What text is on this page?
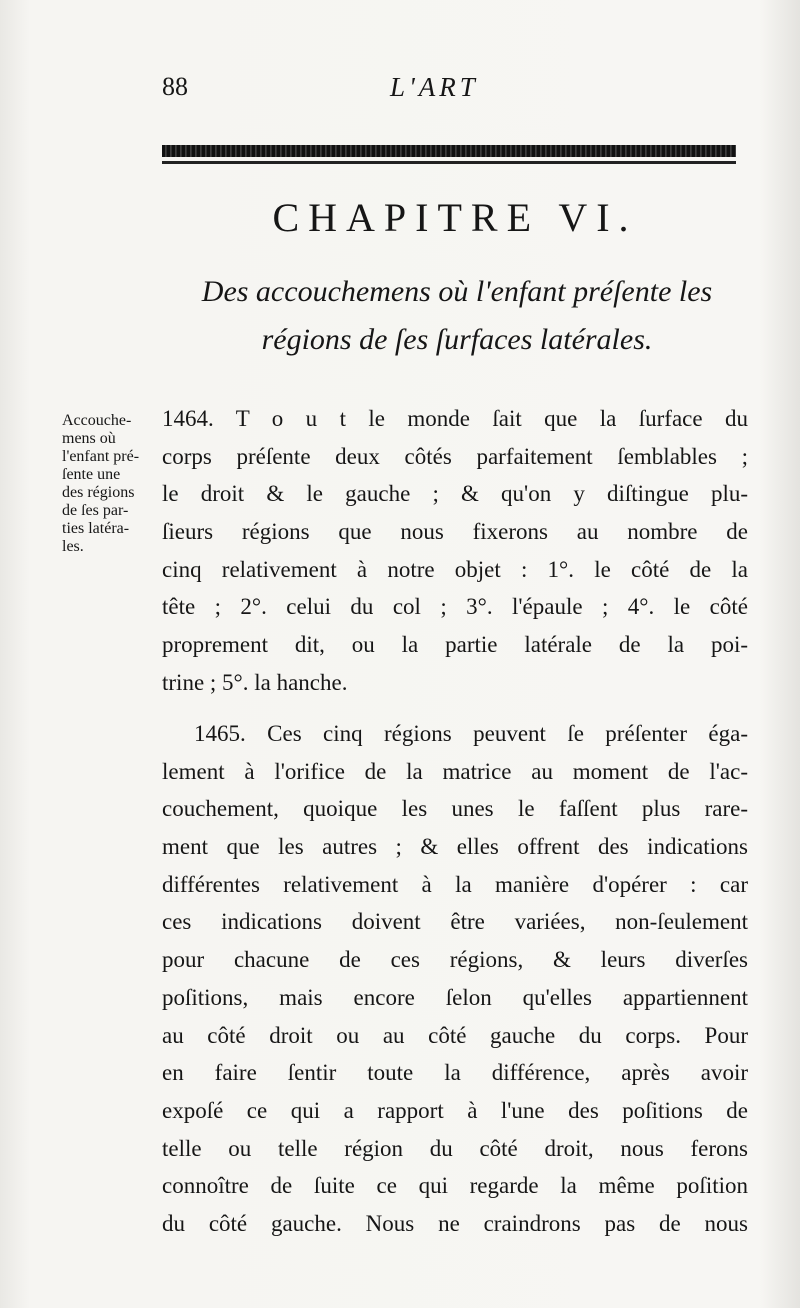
88	L'ART
CHAPITRE VI.
Des accouchemens où l'enfant préſente les
régions de ſes ſurfaces latérales.
Accouche-
mens où
l'enfant pré-
ſente une
des régions
de ſes par-
ties latéra-
les.
1464. T o u t le monde ſait que la ſurface du
corps préſente deux côtés parfaitement ſemblables ;
le droit & le gauche ; & qu'on y diſtingue plu-
ſieurs régions que nous fixerons au nombre de
cinq relativement à notre objet : 1°. le côté de la
tête ; 2°. celui du col ; 3°. l'épaule ; 4°. le côté
proprement dit, ou la partie latérale de la poi-
trine ; 5°. la hanche.
1465. Ces cinq régions peuvent ſe préſenter éga-
lement à l'orifice de la matrice au moment de l'ac-
couchement, quoique les unes le faſſent plus rare-
ment que les autres ; & elles offrent des indications
différentes relativement à la manière d'opérer : car
ces indications doivent être variées, non-ſeulement
pour chacune de ces régions, & leurs diverſes
poſitions, mais encore ſelon qu'elles appartiennent
au côté droit ou au côté gauche du corps. Pour
en faire ſentir toute la différence, après avoir
expoſé ce qui a rapport à l'une des poſitions de
telle ou telle région du côté droit, nous ferons
connoître de ſuite ce qui regarde la même poſition
du côté gauche. Nous ne craindrons pas de nous
